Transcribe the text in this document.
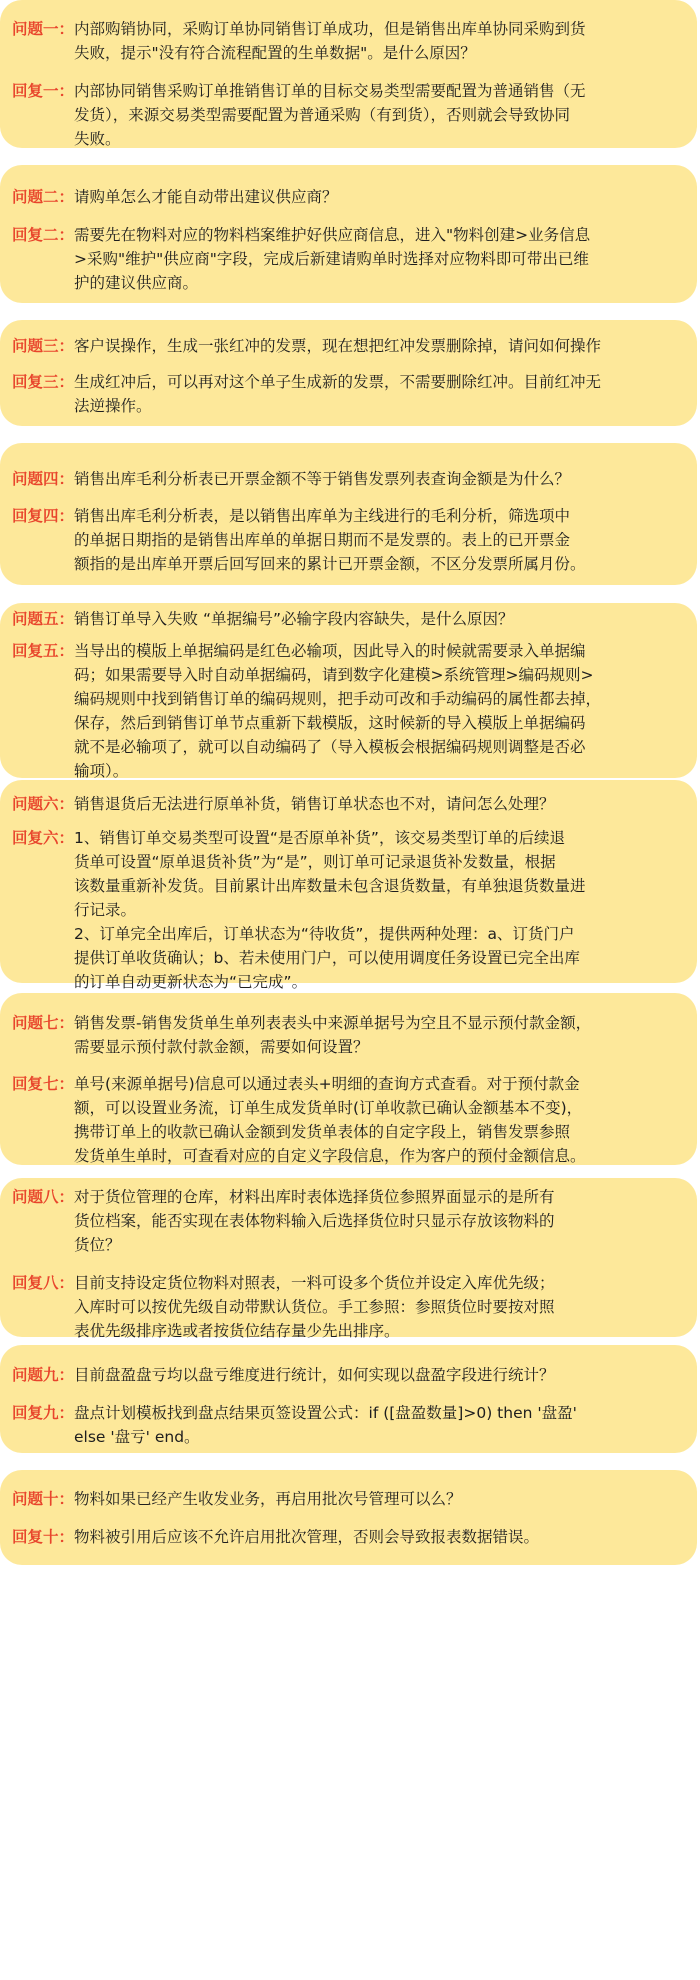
问题一： 内部购销协同，采购订单协同销售订单成功，但是销售出库单协同采购到货
失败，提示"没有符合流程配置的生单数据"。是什么原因？
回复一： 内部协同销售采购订单推销售订单的目标交易类型需要配置为普通销售（无
发货），来源交易类型需要配置为普通采购（有到货），否则就会导致协同
失败。
问题二： 请购单怎么才能自动带出建议供应商？
回复二： 需要先在物料对应的物料档案维护好供应商信息，进入"物料创建>业务信息
>采购"维护"供应商"字段，完成后新建请购单时选择对应物料即可带出已维
护的建议供应商。
问题三： 客户误操作，生成一张红冲的发票，现在想把红冲发票删除掉，请问如何操作
回复三： 生成红冲后，可以再对这个单子生成新的发票，不需要删除红冲。目前红冲无
法逆操作。
问题四： 销售出库毛利分析表已开票金额不等于销售发票列表查询金额是为什么？
回复四： 销售出库毛利分析表，是以销售出库单为主线进行的毛利分析，筛选项中
的单据日期指的是销售出库单的单据日期而不是发票的。表上的已开票金
额指的是出库单开票后回写回来的累计已开票金额，不区分发票所属月份。
问题五： 销售订单导入失败 “单据编号”必输字段内容缺失，是什么原因？
回复五： 当导出的模版上单据编码是红色必输项，因此导入的时候就需要录入单据编
码；如果需要导入时自动单据编码，请到数字化建模>系统管理>编码规则>
编码规则中找到销售订单的编码规则，把手动可改和手动编码的属性都去掉，
保存，然后到销售订单节点重新下载模版，这时候新的导入模版上单据编码
就不是必输项了，就可以自动编码了（导入模板会根据编码规则调整是否必
输项）。
问题六： 销售退货后无法进行原单补货，销售订单状态也不对，请问怎么处理？
回复六： 1、销售订单交易类型可设置“是否原单补货”，该交易类型订单的后续退
货单可设置“原单退货补货”为“是”，则订单可记录退货补发数量，根据
该数量重新补发货。目前累计出库数量未包含退货数量，有单独退货数量进
行记录。
2、订单完全出库后，订单状态为“待收货”，提供两种处理：a、订货门户
提供订单收货确认；b、若未使用门户，可以使用调度任务设置已完全出库
的订单自动更新状态为“已完成”。
问题七： 销售发票-销售发货单生单列表表头中来源单据号为空且不显示预付款金额，
需要显示预付款付款金额，需要如何设置？
回复七： 单号(来源单据号)信息可以通过表头+明细的查询方式查看。对于预付款金
额，可以设置业务流，订单生成发货单时(订单收款已确认金额基本不变)，
携带订单上的收款已确认金额到发货单表体的自定字段上，销售发票参照
发货单生单时，可查看对应的自定义字段信息，作为客户的预付金额信息。
问题八： 对于货位管理的仓库，材料出库时表体选择货位参照界面显示的是所有
货位档案，能否实现在表体物料输入后选择货位时只显示存放该物料的
货位？
回复八： 目前支持设定货位物料对照表，一料可设多个货位并设定入库优先级；
入库时可以按优先级自动带默认货位。手工参照：参照货位时要按对照
表优先级排序选或者按货位结存量少先出排序。
问题九： 目前盘盈盘亏均以盘亏维度进行统计，如何实现以盘盈字段进行统计？
回复九： 盘点计划模板找到盘点结果页签设置公式：if ([盘盈数量]>0) then '盘盈'
else '盘亏' end。
问题十： 物料如果已经产生收发业务，再启用批次号管理可以么？
回复十： 物料被引用后应该不允许启用批次管理，否则会导致报表数据错误。
